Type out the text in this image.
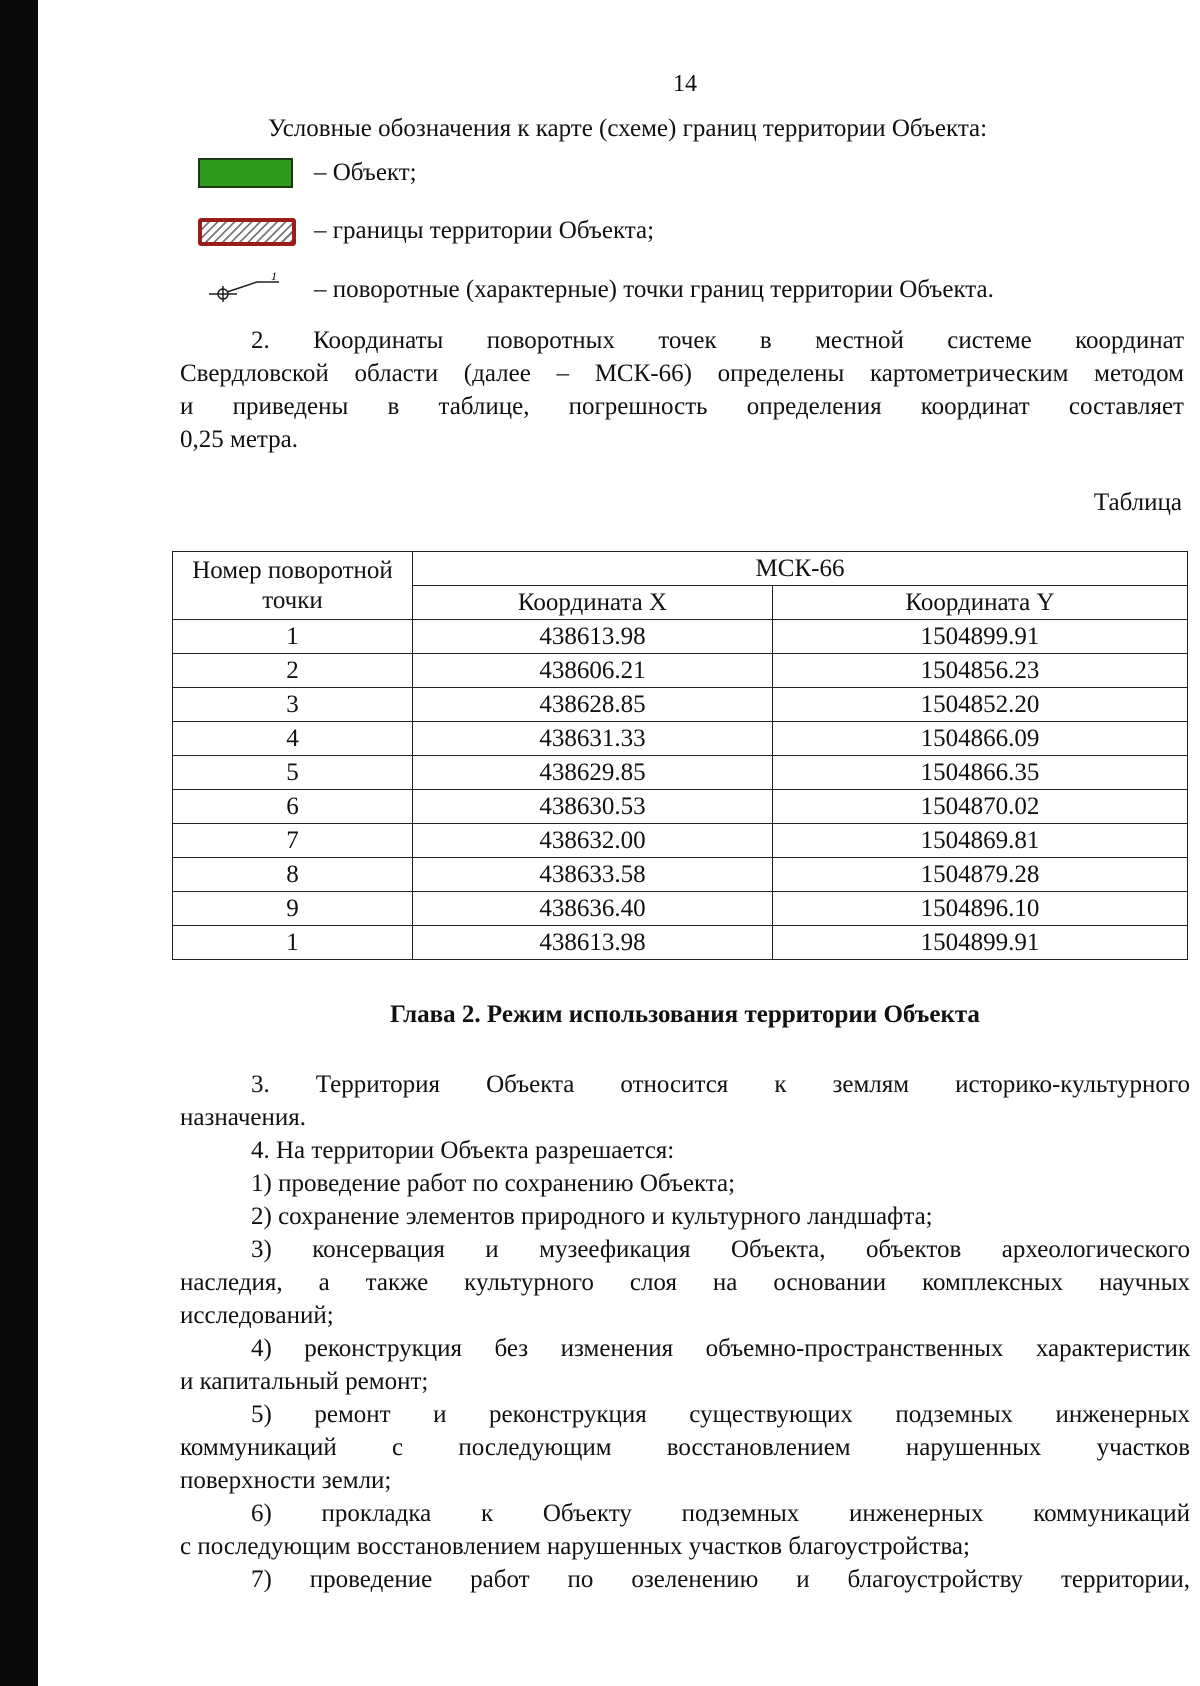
14
Условные обозначения к карте (схеме) границ территории Объекта:
– Объект;
– границы территории Объекта;
1 – поворотные (характерные) точки границ территории Объекта.
2. Координаты поворотных точек в местной системе координат
Свердловской области (далее – МСК-66) определены картометрическим методом
и приведены в таблице, погрешность определения координат составляет
0,25 метра.
Таблица
Номер поворотной точки	МСК-66	
	Координата X	Координата Y
1	438613.98	1504899.91
2	438606.21	1504856.23
3	438628.85	1504852.20
4	438631.33	1504866.09
5	438629.85	1504866.35
6	438630.53	1504870.02
7	438632.00	1504869.81
8	438633.58	1504879.28
9	438636.40	1504896.10
1	438613.98	1504899.91
Глава 2. Режим использования территории Объекта
3. Территория Объекта относится к землям историко-культурного
назначения.
4. На территории Объекта разрешается:
1) проведение работ по сохранению Объекта;
2) сохранение элементов природного и культурного ландшафта;
3) консервация и музеефикация Объекта, объектов археологического
наследия, а также культурного слоя на основании комплексных научных
исследований;
4) реконструкция без изменения объемно-пространственных характеристик
и капитальный ремонт;
5) ремонт и реконструкция существующих подземных инженерных
коммуникаций с последующим восстановлением нарушенных участков
поверхности земли;
6) прокладка к Объекту подземных инженерных коммуникаций
с последующим восстановлением нарушенных участков благоустройства;
7) проведение работ по озеленению и благоустройству территории,
